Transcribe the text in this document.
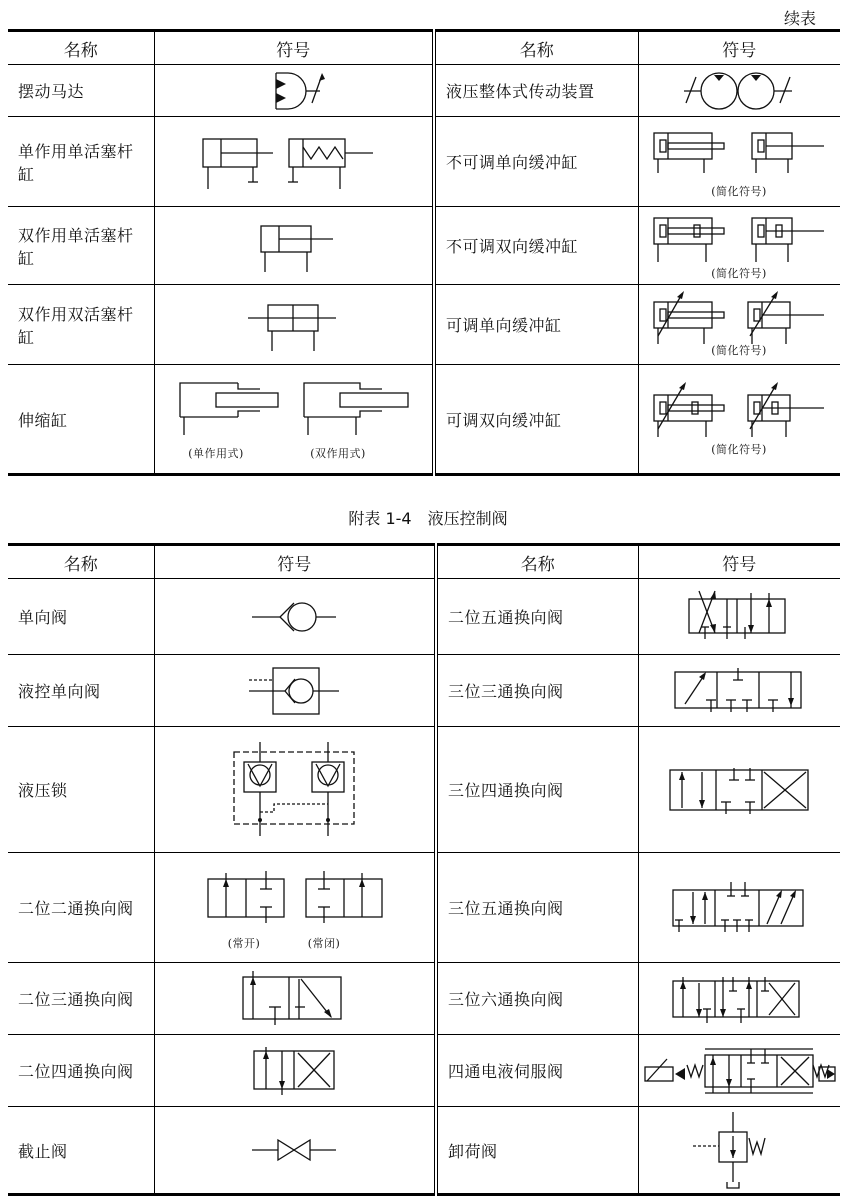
续表
名称	符号	名称	符号
摆动马达		液压整体式传动装置	

单作用单活塞杆缸		不可调单向缓冲缸	(简化符号)

双作用单活塞杆缸		不可调双向缓冲缸	(简化符号)

双作用双活塞杆缸		可调单向缓冲缸	(简化符号)

伸缩缸	(单作用式) (双作用式)	可调双向缓冲缸	(简化符号)
附表 1-4　液压控制阀
名称	符号	名称	符号
单向阀		二位五通换向阀	

液控单向阀		三位三通换向阀	

液压锁		三位四通换向阀	

二位二通换向阀	(常开) (常闭)	三位五通换向阀	

二位三通换向阀		三位六通换向阀	

二位四通换向阀		四通电液伺服阀	

截止阀		卸荷阀	
